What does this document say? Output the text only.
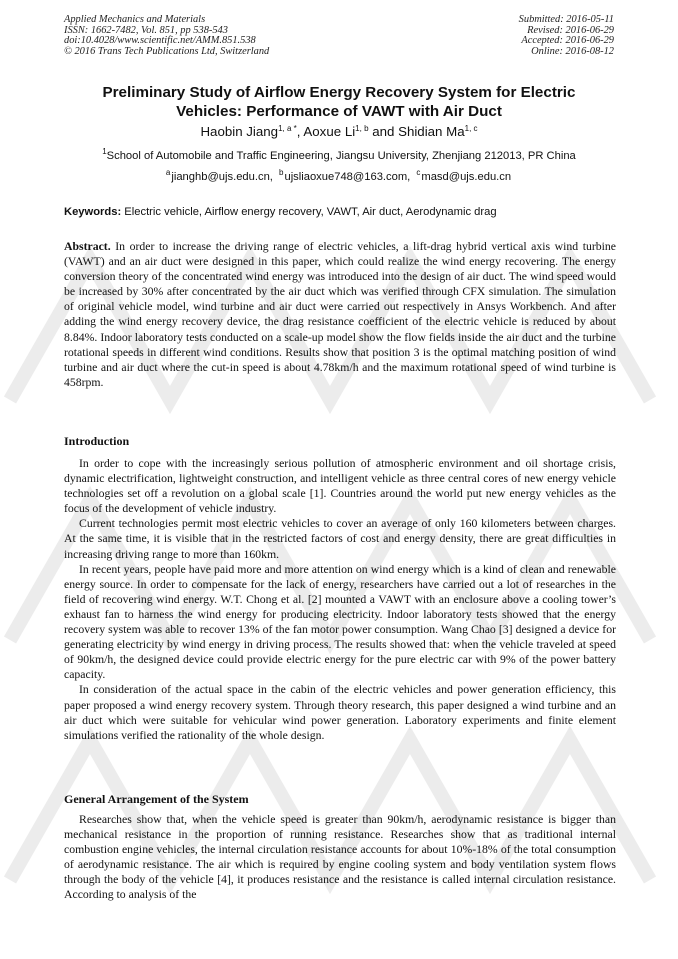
Applied Mechanics and Materials
ISSN: 1662-7482, Vol. 851, pp 538-543
doi:10.4028/www.scientific.net/AMM.851.538
© 2016 Trans Tech Publications Ltd, Switzerland
Submitted: 2016-05-11
Revised: 2016-06-29
Accepted: 2016-06-29
Online: 2016-08-12
Preliminary Study of Airflow Energy Recovery System for Electric
Vehicles: Performance of VAWT with Air Duct
Haobin Jiang$^{1, a *}$, Aoxue Li$^{1, b}$ and Shidian Ma$^{1, c}$
$^1$School of Automobile and Traffic Engineering, Jiangsu University, Zhenjiang 212013, PR China
$^a$jianghb@ujs.edu.cn, $^b$ujsliaoxue748@163.com, $^c$masd@ujs.edu.cn
Keywords: Electric vehicle, Airflow energy recovery, VAWT, Air duct, Aerodynamic drag

Abstract. In order to increase the driving range of electric vehicles, a lift-drag hybrid vertical axis wind turbine (VAWT) and an air duct were designed in this paper, which could realize the wind energy recovering. The energy conversion theory of the concentrated wind energy was introduced into the design of air duct. The wind speed would be increased by 30% after concentrated by the air duct which was verified through CFX simulation. The simulation of original vehicle model, wind turbine and air duct were carried out respectively in Ansys Workbench. And after adding the wind energy recovery device, the drag resistance coefficient of the electric vehicle is reduced by about 8.84%. Indoor laboratory tests conducted on a scale-up model show the flow fields inside the air duct and the turbine rotational speeds in different wind conditions. Results show that position 3 is the optimal matching position of wind turbine and air duct where the cut-in speed is about 4.78km/h and the maximum rotational speed of wind turbine is 458rpm.

Introduction

In order to cope with the increasingly serious pollution of atmospheric environment and oil shortage crisis, dynamic electrification, lightweight construction, and intelligent vehicle as three central cores of new energy vehicle technologies set off a revolution on a global scale [1]. Countries around the world put new energy vehicles as the focus of the development of vehicle industry.

Current technologies permit most electric vehicles to cover an average of only 160 kilometers between charges. At the same time, it is visible that in the restricted factors of cost and energy density, there are great difficulties in increasing driving range to more than 160km.

In recent years, people have paid more and more attention on wind energy which is a kind of clean and renewable energy source. In order to compensate for the lack of energy, researchers have carried out a lot of researches in the field of recovering wind energy. W.T. Chong et al. [2] mounted a VAWT with an enclosure above a cooling tower’s exhaust fan to harness the wind energy for producing electricity. Indoor laboratory tests showed that the energy recovery system was able to recover 13% of the fan motor power consumption. Wang Chao [3] designed a device for generating electricity by wind energy in driving process. The results showed that: when the vehicle traveled at speed of 90km/h, the designed device could provide electric energy for the pure electric car with 9% of the power battery capacity.

In consideration of the actual space in the cabin of the electric vehicles and power generation efficiency, this paper proposed a wind energy recovery system. Through theory research, this paper designed a wind turbine and an air duct which were suitable for vehicular wind power generation. Laboratory experiments and finite element simulations verified the rationality of the whole design.

General Arrangement of the System

Researches show that, when the vehicle speed is greater than 90km/h, aerodynamic resistance is bigger than mechanical resistance in the proportion of running resistance. Researches show that as traditional internal combustion engine vehicles, the internal circulation resistance accounts for about 10%-18% of the total consumption of aerodynamic resistance. The air which is required by engine cooling system and body ventilation system flows through the body of the vehicle [4], it produces resistance and the resistance is called internal circulation resistance. According to analysis of the
